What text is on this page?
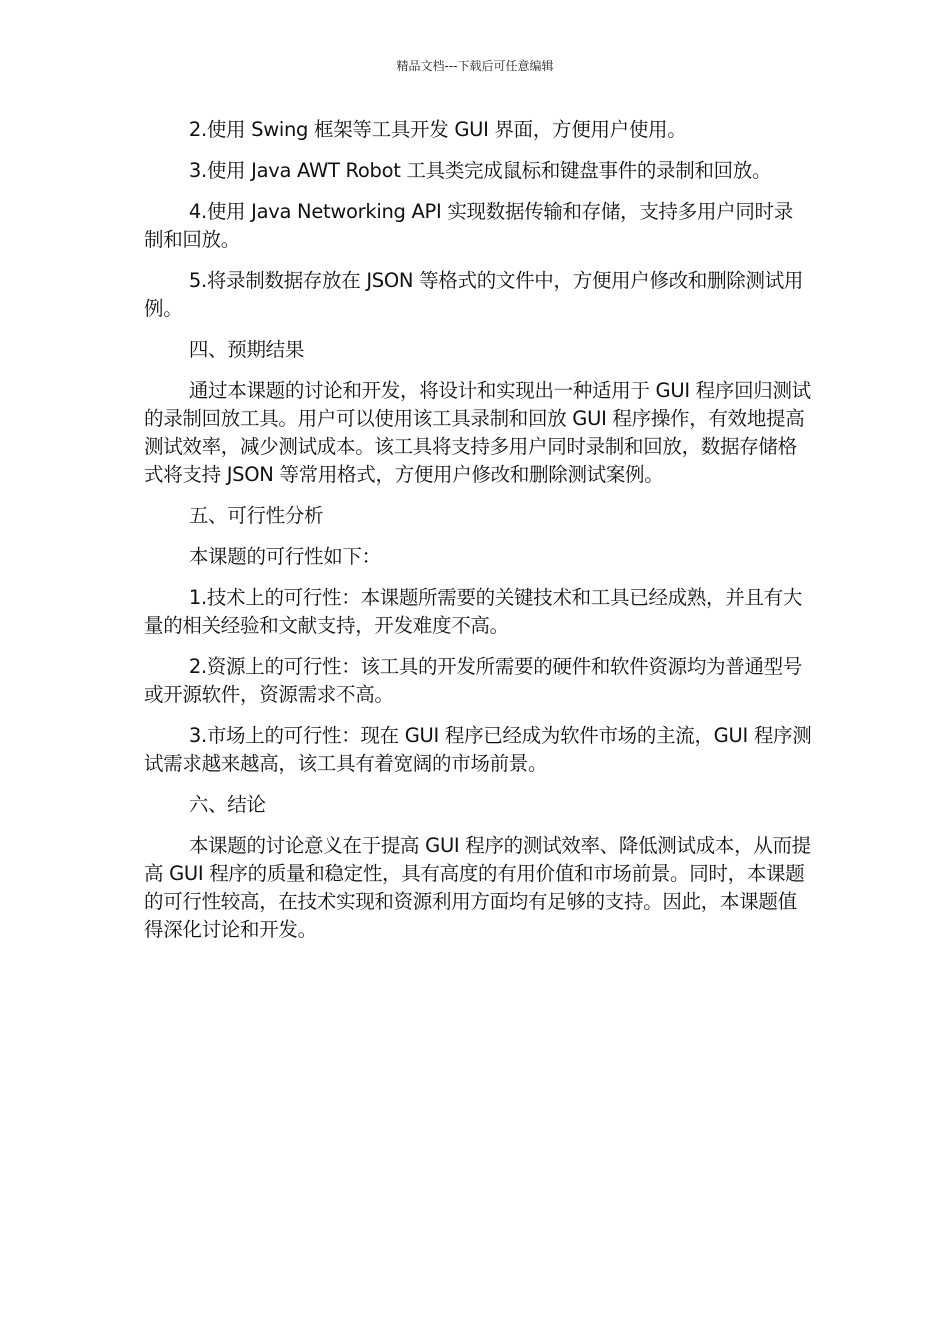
精品文档---下载后可任意编辑

2.使用 Swing 框架等工具开发 GUI 界面，方便用户使用。

3.使用 Java AWT Robot 工具类完成鼠标和键盘事件的录制和回放。

4.使用 Java Networking API 实现数据传输和存储，支持多用户同时录制和回放。

5.将录制数据存放在 JSON 等格式的文件中，方便用户修改和删除测试用例。

四、预期结果

通过本课题的讨论和开发，将设计和实现出一种适用于 GUI 程序回归测试的录制回放工具。用户可以使用该工具录制和回放 GUI 程序操作，有效地提高测试效率，减少测试成本。该工具将支持多用户同时录制和回放，数据存储格式将支持 JSON 等常用格式，方便用户修改和删除测试案例。

五、可行性分析

本课题的可行性如下：

1.技术上的可行性：本课题所需要的关键技术和工具已经成熟，并且有大量的相关经验和文献支持，开发难度不高。

2.资源上的可行性：该工具的开发所需要的硬件和软件资源均为普通型号或开源软件，资源需求不高。

3.市场上的可行性：现在 GUI 程序已经成为软件市场的主流，GUI 程序测试需求越来越高，该工具有着宽阔的市场前景。

六、结论

本课题的讨论意义在于提高 GUI 程序的测试效率、降低测试成本，从而提高 GUI 程序的质量和稳定性，具有高度的有用价值和市场前景。同时，本课题的可行性较高，在技术实现和资源利用方面均有足够的支持。因此，本课题值得深化讨论和开发。
